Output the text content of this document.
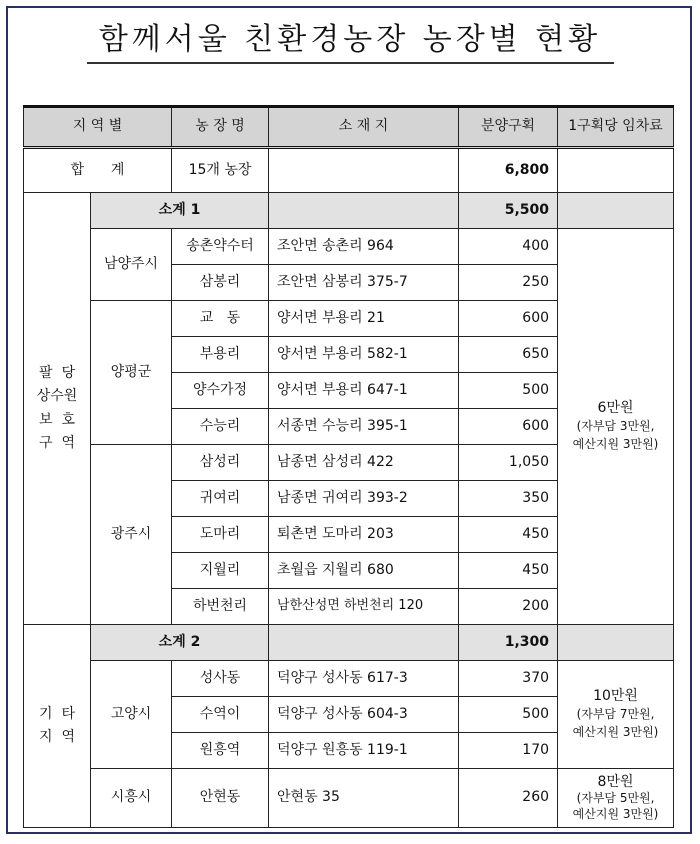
함께서울 친환경농장 농장별 현황
지 역 별		농 장 명	소 재 지	분양구획	1구획당 임차료
합      계		15개 농장		6,800	

팔  당
상수원
보  호
구  역	소계 1			5,500	
	남양주시	송촌약수터	조안면 송촌리 964	400	6만원
(자부담 3만원,
예산지원 3만원)

		삼봉리	조안면 삼봉리 375-7	250	
	양평군	교   동	양서면 부용리 21	600	
		부용리	양서면 부용리 582-1	650	
		양수가정	양서면 부용리 647-1	500	
		수능리	서종면 수능리 395-1	600	
	광주시	삼성리	남종면 삼성리 422	1,050	
		귀여리	남종면 귀여리 393-2	350	
		도마리	퇴촌면 도마리 203	450	
		지월리	초월읍 지월리 680	450	
		하번천리	남한산성면 하번천리 120	200	

기  타
지  역	소계 2			1,300	
	고양시	성사동	덕양구 성사동 617-3	370	10만원
(자부담 7만원,
예산지원 3만원)

		수역이	덕양구 성사동 604-3	500	
		원흥역	덕양구 원흥동 119-1	170	
	시흥시	안현동	안현동 35	260	8만원
(자부담 5만원,
예산지원 3만원)
